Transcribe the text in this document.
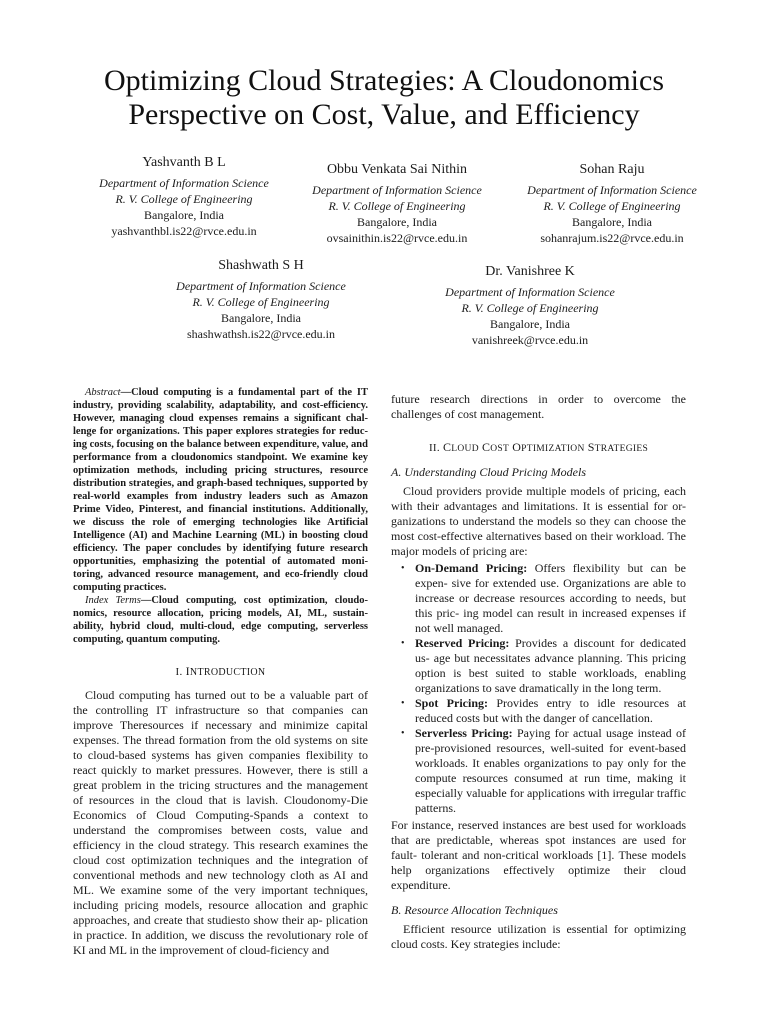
Optimizing Cloud Strategies: A Cloudonomics
Perspective on Cost, Value, and Efficiency
Yashvanth B L
Department of Information Science
R. V. College of Engineering
Bangalore, India
yashvanthbl.is22@rvce.edu.in
Obbu Venkata Sai Nithin
Department of Information Science
R. V. College of Engineering
Bangalore, India
ovsainithin.is22@rvce.edu.in
Sohan Raju
Department of Information Science
R. V. College of Engineering
Bangalore, India
sohanrajum.is22@rvce.edu.in
Shashwath S H
Department of Information Science
R. V. College of Engineering
Bangalore, India
shashwathsh.is22@rvce.edu.in
Dr. Vanishree K
Department of Information Science
R. V. College of Engineering
Bangalore, India
vanishreek@rvce.edu.in

Abstract—Cloud computing is a fundamental part of the IT industry, providing scalability, adaptability, and cost-efficiency. However, managing cloud expenses remains a significant chal- lenge for organizations. This paper explores strategies for reduc- ing costs, focusing on the balance between expenditure, value, and performance from a cloudonomics standpoint. We examine key optimization methods, including pricing structures, resource distribution strategies, and graph-based techniques, supported by real-world examples from industry leaders such as Amazon Prime Video, Pinterest, and financial institutions. Additionally, we discuss the role of emerging technologies like Artificial Intelligence (AI) and Machine Learning (ML) in boosting cloud efficiency. The paper concludes by identifying future research opportunities, emphasizing the potential of automated moni- toring, advanced resource management, and eco-friendly cloud computing practices.

Index Terms—Cloud computing, cost optimization, cloudo- nomics, resource allocation, pricing models, AI, ML, sustain- ability, hybrid cloud, multi-cloud, edge computing, serverless computing, quantum computing.

I. INTRODUCTION

Cloud computing has turned out to be a valuable part of the controlling IT infrastructure so that companies can improve Theresources if necessary and minimize capital expenses. The thread formation from the old systems on site to cloud-based systems has given companies flexibility to react quickly to market pressures. However, there is still a great problem in the tricing structures and the management of resources in the cloud that is lavish. Cloudonomy-Die Economics of Cloud Computing-Spands a context to understand the compromises between costs, value and efficiency in the cloud strategy. This research examines the cloud cost optimization techniques and the integration of conventional methods and new technology cloth as AI and ML. We examine some of the very important techniques, including pricing models, resource allocation and graphic approaches, and create that studiesto show their ap- plication in practice. In addition, we discuss the revolutionary role of KI and ML in the improvement of cloud-ficiency and

future research directions in order to overcome the challenges of cost management.

II. CLOUD COST OPTIMIZATION STRATEGIES
A. Understanding Cloud Pricing Models

Cloud providers provide multiple models of pricing, each with their advantages and limitations. It is essential for or- ganizations to understand the models so they can choose the most cost-effective alternatives based on their workload. The major models of pricing are:

• On-Demand Pricing: Offers flexibility but can be expen- sive for extended use. Organizations are able to increase or decrease resources according to needs, but this pric- ing model can result in increased expenses if not well managed.
• Reserved Pricing: Provides a discount for dedicated us- age but necessitates advance planning. This pricing option is best suited to stable workloads, enabling organizations to save dramatically in the long term.
• Spot Pricing: Provides entry to idle resources at reduced costs but with the danger of cancellation.
• Serverless Pricing: Paying for actual usage instead of pre-provisioned resources, well-suited for event-based workloads. It enables organizations to pay only for the compute resources consumed at run time, making it especially valuable for applications with irregular traffic patterns.

For instance, reserved instances are best used for workloads that are predictable, whereas spot instances are used for fault- tolerant and non-critical workloads [1]. These models help organizations effectively optimize their cloud expenditure.

B. Resource Allocation Techniques

Efficient resource utilization is essential for optimizing cloud costs. Key strategies include:
